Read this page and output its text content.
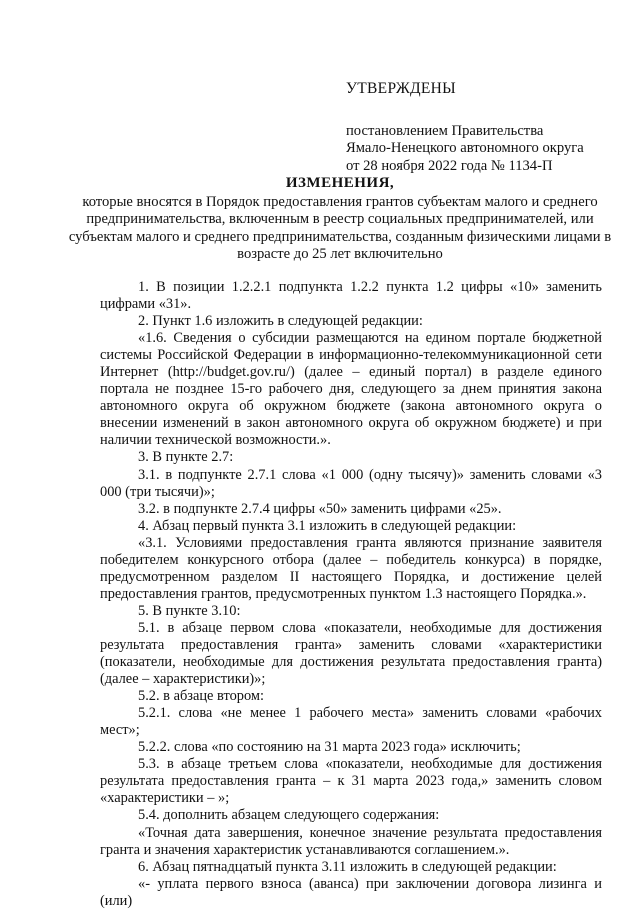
УТВЕРЖДЕНЫ
постановлением Правительства
Ямало-Ненецкого автономного округа
от 28 ноября 2022 года № 1134-П
ИЗМЕНЕНИЯ,
которые вносятся в Порядок предоставления грантов субъектам малого и среднего предпринимательства, включенным в реестр социальных предпринимателей, или субъектам малого и среднего предпринимательства, созданным физическими лицами в возрасте до 25 лет включительно

1. В позиции 1.2.2.1 подпункта 1.2.2 пункта 1.2 цифры «10» заменить цифрами «31».

2. Пункт 1.6 изложить в следующей редакции:

«1.6. Сведения о субсидии размещаются на едином портале бюджетной системы Российской Федерации в информационно-телекоммуникационной сети Интернет (http://budget.gov.ru/) (далее – единый портал) в разделе единого портала не позднее 15-го рабочего дня, следующего за днем принятия закона автономного округа об окружном бюджете (закона автономного округа о внесении изменений в закон автономного округа об окружном бюджете) и при наличии технической возможности.».

3. В пункте 2.7:

3.1. в подпункте 2.7.1 слова «1 000 (одну тысячу)» заменить словами «3 000 (три тысячи)»;

3.2. в подпункте 2.7.4 цифры «50» заменить цифрами «25».

4. Абзац первый пункта 3.1 изложить в следующей редакции:

«3.1. Условиями предоставления гранта являются признание заявителя победителем конкурсного отбора (далее – победитель конкурса) в порядке, предусмотренном разделом II настоящего Порядка, и достижение целей предоставления грантов, предусмотренных пунктом 1.3 настоящего Порядка.».

5. В пункте 3.10:

5.1. в абзаце первом слова «показатели, необходимые для достижения результата предоставления гранта» заменить словами «характеристики (показатели, необходимые для достижения результата предоставления гранта) (далее – характеристики)»;

5.2. в абзаце втором:

5.2.1. слова «не менее 1 рабочего места» заменить словами «рабочих мест»;

5.2.2. слова «по состоянию на 31 марта 2023 года» исключить;

5.3. в абзаце третьем слова «показатели, необходимые для достижения результата предоставления гранта – к 31 марта 2023 года,» заменить словом «характеристики – »;

5.4. дополнить абзацем следующего содержания:

«Точная дата завершения, конечное значение результата предоставления гранта и значения характеристик устанавливаются соглашением.».

6. Абзац пятнадцатый пункта 3.11 изложить в следующей редакции:

«- уплата первого взноса (аванса) при заключении договора лизинга и (или)
